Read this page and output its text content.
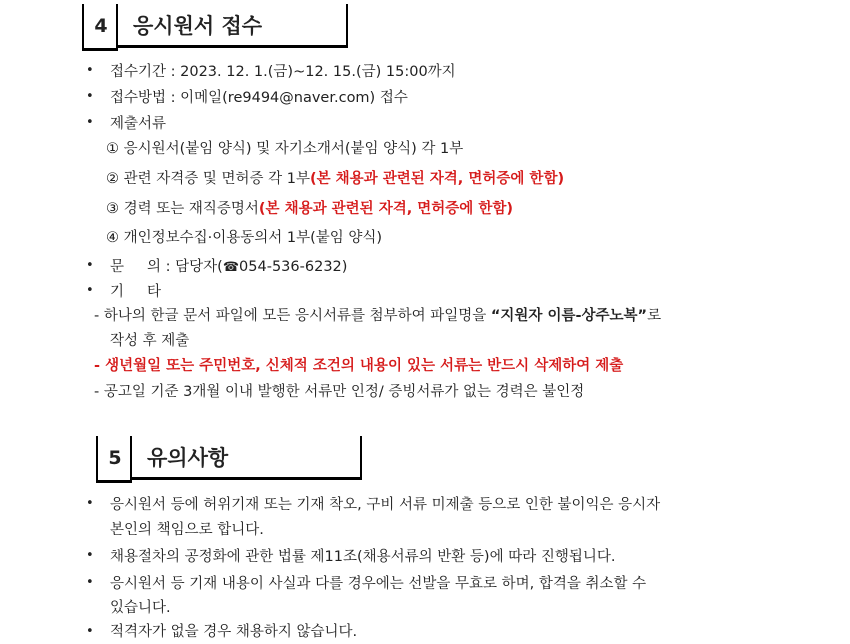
4	응시원서 접수
• 접수기간 : 2023. 12. 1.(금)~12. 15.(금) 15:00까지
• 접수방법 : 이메일(re9494@naver.com) 접수
• 제출서류
① 응시원서(붙임 양식) 및 자기소개서(붙임 양식) 각 1부
② 관련 자격증 및 면허증 각 1부(본 채용과 관련된 자격, 면허증에 한함)
③ 경력 또는 재직증명서(본 채용과 관련된 자격, 면허증에 한함)
④ 개인정보수집·이용동의서 1부(붙임 양식)
• 문     의 : 담당자(☎054-536-6232)
• 기     타
- 하나의 한글 문서 파일에 모든 응시서류를 첨부하여 파일명을 “지원자 이름-상주노복”로
작성 후 제출
- 생년월일 또는 주민번호, 신체적 조건의 내용이 있는 서류는 반드시 삭제하여 제출
- 공고일 기준 3개월 이내 발행한 서류만 인정/ 증빙서류가 없는 경력은 불인정
5	유의사항
• 응시원서 등에 허위기재 또는 기재 착오, 구비 서류 미제출 등으로 인한 불이익은 응시자
본인의 책임으로 합니다.
• 채용절차의 공정화에 관한 법률 제11조(채용서류의 반환 등)에 따라 진행됩니다.
• 응시원서 등 기재 내용이 사실과 다를 경우에는 선발을 무효로 하며, 합격을 취소할 수
있습니다.
• 적격자가 없을 경우 채용하지 않습니다.
